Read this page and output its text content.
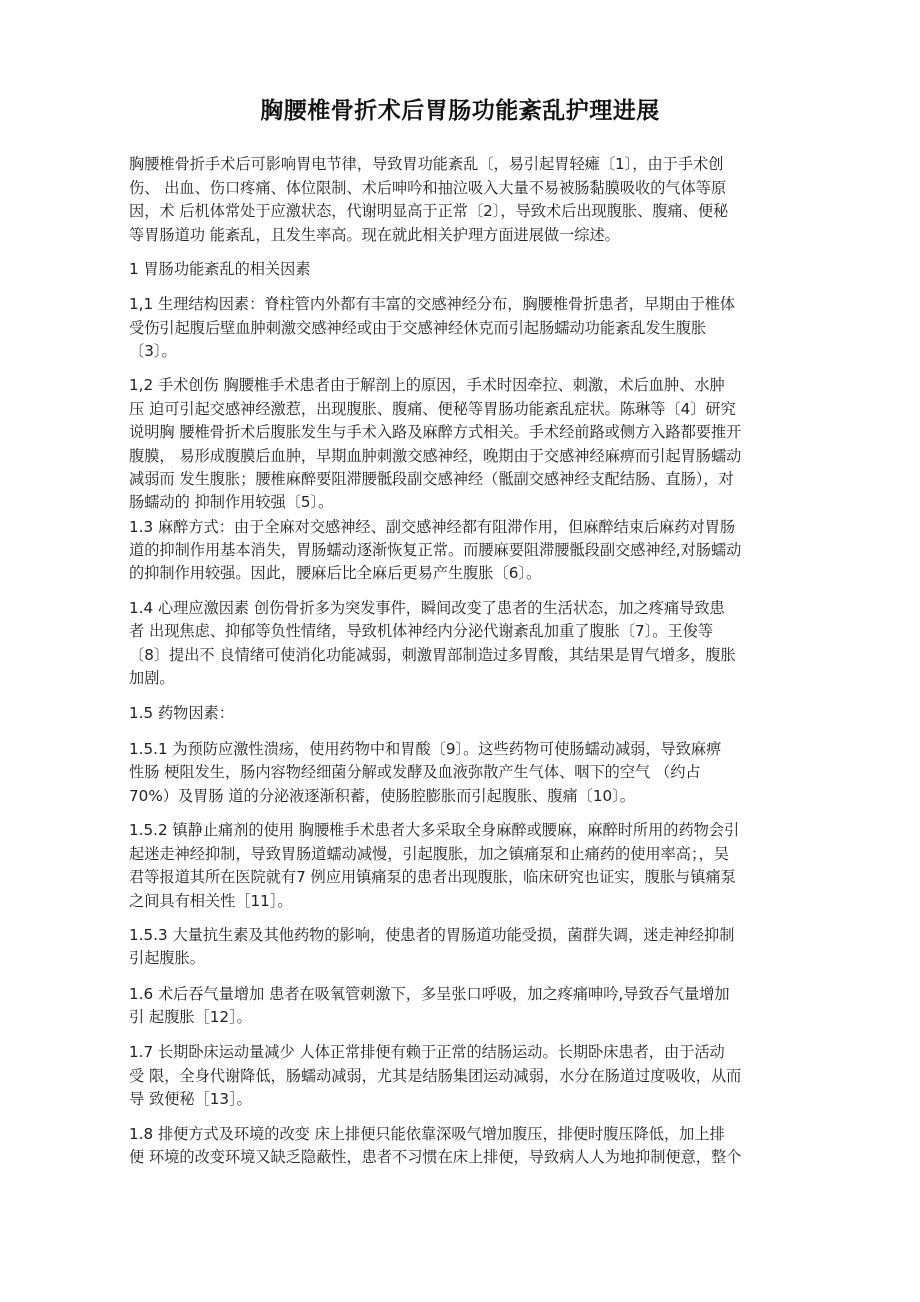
胸腰椎骨折术后胃肠功能紊乱护理进展
胸腰椎骨折手术后可影响胃电节律，导致胃功能紊乱〔，易引起胃轻瘫〔1〕，由于手术创
伤、 出血、伤口疼痛、体位限制、术后呻吟和抽泣吸入大量不易被肠黏膜吸收的气体等原
因，术 后机体常处于应激状态，代谢明显高于正常〔2〕，导致术后出现腹胀、腹痛、便秘
等胃肠道功 能紊乱，且发生率高。现在就此相关护理方面进展做一综述。
1 胃肠功能紊乱的相关因素
1,1 生理结构因素：脊柱管内外都有丰富的交感神经分布，胸腰椎骨折患者，早期由于椎体
受伤引起腹后壁血肿刺激交感神经或由于交感神经休克而引起肠蠕动功能紊乱发生腹胀
〔3〕。
1,2 手术创伤 胸腰椎手术患者由于解剖上的原因，手术时因牵拉、刺激，术后血肿、水肿
压 迫可引起交感神经激惹，出现腹胀、腹痛、便秘等胃肠功能紊乱症状。陈琳等〔4〕研究
说明胸 腰椎骨折术后腹胀发生与手术入路及麻醉方式相关。手术经前路或侧方入路都要推开
腹膜， 易形成腹膜后血肿，早期血肿刺激交感神经，晚期由于交感神经麻痹而引起胃肠蠕动
减弱而 发生腹胀；腰椎麻醉要阻滞腰骶段副交感神经（骶副交感神经支配结肠、直肠），对
肠蠕动的 抑制作用较强〔5〕。
1.3 麻醉方式：由于全麻对交感神经、副交感神经都有阻滞作用，但麻醉结束后麻药对胃肠
道的抑制作用基本消失，胃肠蠕动逐渐恢复正常。而腰麻要阻滞腰骶段副交感神经,对肠蠕动
的抑制作用较强。因此，腰麻后比全麻后更易产生腹胀〔6〕。
1.4 心理应激因素 创伤骨折多为突发事件，瞬间改变了患者的生活状态，加之疼痛导致患
者 出现焦虑、抑郁等负性情绪，导致机体神经内分泌代谢紊乱加重了腹胀〔7〕。王俊等
〔8〕提出不 良情绪可使消化功能减弱，刺激胃部制造过多胃酸，其结果是胃气增多，腹胀
加剧。
1.5 药物因素：
1.5.1 为预防应激性溃疡，使用药物中和胃酸〔9〕。这些药物可使肠蠕动减弱，导致麻痹
性肠 梗阻发生，肠内容物经细菌分解或发酵及血液弥散产生气体、咽下的空气 （约占
70%）及胃肠 道的分泌液逐渐积蓄，使肠腔膨胀而引起腹胀、腹痛〔10〕。
1.5.2 镇静止痛剂的使用 胸腰椎手术患者大多采取全身麻醉或腰麻，麻醉时所用的药物会引
起迷走神经抑制，导致胃肠道蠕动减慢，引起腹胀，加之镇痛泵和止痛药的使用率高；，吴
君等报道其所在医院就有7 例应用镇痛泵的患者出现腹胀，临床研究也证实，腹胀与镇痛泵
之间具有相关性［11］。
1.5.3 大量抗生素及其他药物的影响，使患者的胃肠道功能受损，菌群失调，迷走神经抑制
引起腹胀。
1.6 术后吞气量增加 患者在吸氧管刺激下，多呈张口呼吸，加之疼痛呻吟,导致吞气量增加
引 起腹胀［12］。
1.7 长期卧床运动量减少 人体正常排便有赖于正常的结肠运动。长期卧床患者，由于活动
受 限，全身代谢降低，肠蠕动减弱，尤其是结肠集团运动减弱，水分在肠道过度吸收，从而
导 致便秘［13］。
1.8 排便方式及环境的改变 床上排便只能依靠深吸气增加腹压，排便时腹压降低，加上排
便 环境的改变环境又缺乏隐蔽性，患者不习惯在床上排便，导致病人人为地抑制便意，整个
